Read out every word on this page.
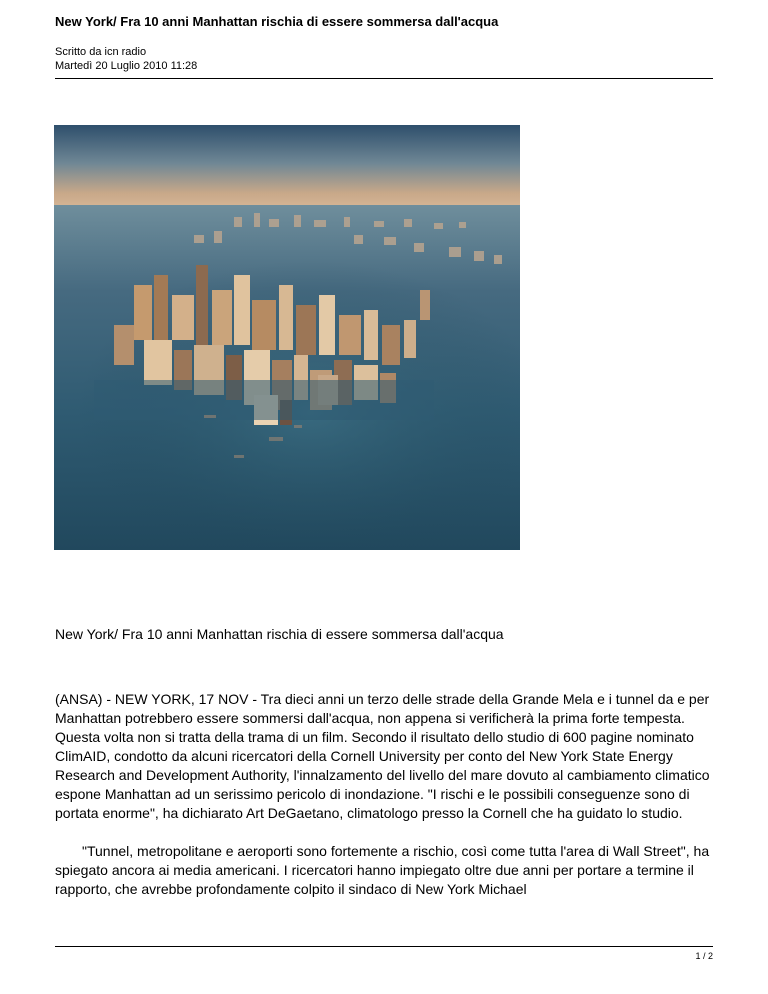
New York/ Fra 10 anni Manhattan rischia di essere sommersa dall'acqua
Scritto da icn radio
Martedì 20 Luglio 2010 11:28
New York/ Fra 10 anni Manhattan rischia di essere sommersa dall'acqua

(ANSA) - NEW YORK, 17 NOV - Tra dieci anni un terzo delle strade della Grande Mela e i tunnel da e per Manhattan potrebbero essere sommersi dall'acqua, non appena si verificherà la prima forte tempesta. Questa volta non si tratta della trama di un film. Secondo il risultato dello studio di 600 pagine nominato ClimAID, condotto da alcuni ricercatori della Cornell University per conto del New York State Energy Research and Development Authority, l'innalzamento del livello del mare dovuto al cambiamento climatico espone Manhattan ad un serissimo pericolo di inondazione. "I rischi e le possibili conseguenze sono di portata enorme", ha dichiarato Art DeGaetano, climatologo presso la Cornell che ha guidato lo studio.

"Tunnel, metropolitane e aeroporti sono fortemente a rischio, così come tutta l'area di Wall Street", ha spiegato ancora ai media americani. I ricercatori hanno impiegato oltre due anni per portare a termine il rapporto, che avrebbe profondamente colpito il sindaco di New York Michael

1 / 2
